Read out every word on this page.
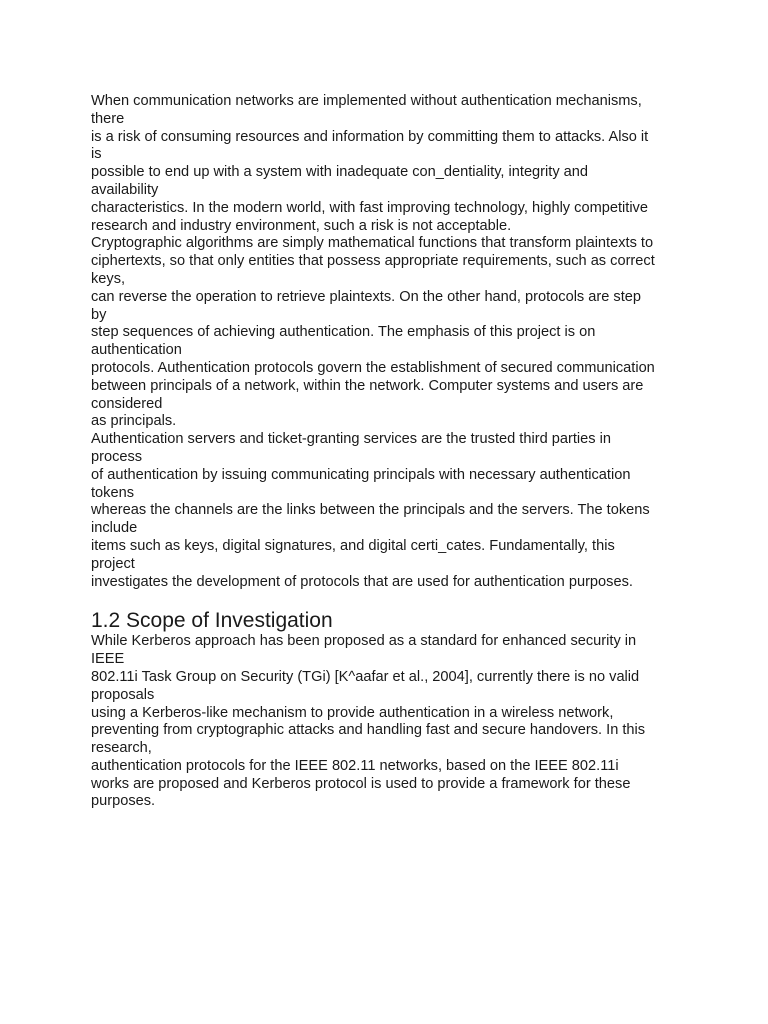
When communication networks are implemented without authentication mechanisms,
there
is a risk of consuming resources and information by committing them to attacks. Also it
is
possible to end up with a system with inadequate con_dentiality, integrity and
availability
characteristics. In the modern world, with fast improving technology, highly competitive
research and industry environment, such a risk is not acceptable.
Cryptographic algorithms are simply mathematical functions that transform plaintexts to
ciphertexts, so that only entities that possess appropriate requirements, such as correct
keys,
can reverse the operation to retrieve plaintexts. On the other hand, protocols are step
by
step sequences of achieving authentication. The emphasis of this project is on
authentication
protocols. Authentication protocols govern the establishment of secured communication
between principals of a network, within the network. Computer systems and users are
considered
as principals.
Authentication servers and ticket-granting services are the trusted third parties in
process
of authentication by issuing communicating principals with necessary authentication
tokens
whereas the channels are the links between the principals and the servers. The tokens
include
items such as keys, digital signatures, and digital certi_cates. Fundamentally, this
project
investigates the development of protocols that are used for authentication purposes.
1.2 Scope of Investigation
While Kerberos approach has been proposed as a standard for enhanced security in
IEEE
802.11i Task Group on Security (TGi) [K^aafar et al., 2004], currently there is no valid
proposals
using a Kerberos-like mechanism to provide authentication in a wireless network,
preventing from cryptographic attacks and handling fast and secure handovers. In this
research,
authentication protocols for the IEEE 802.11 networks, based on the IEEE 802.11i
works are proposed and Kerberos protocol is used to provide a framework for these
purposes.
